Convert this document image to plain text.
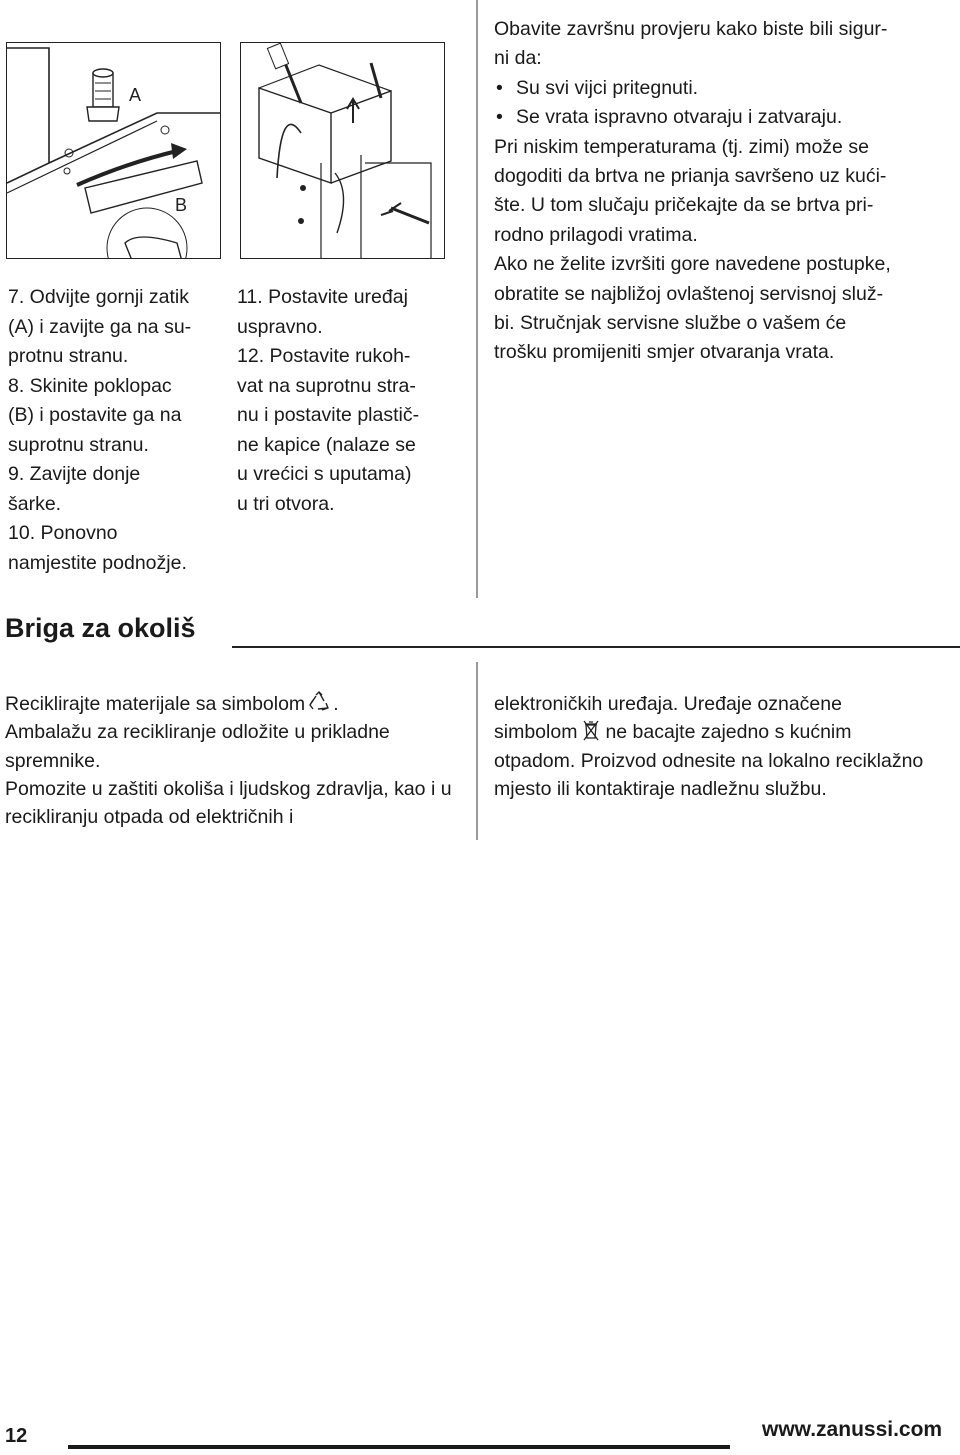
A
B
7. Odvijte gornji zatik
(A) i zavijte ga na su-
protnu stranu.
8. Skinite poklopac
(B) i postavite ga na
suprotnu stranu.
9. Zavijte donje
šarke.
10. Ponovno
namjestite podnožje.
11. Postavite uređaj
uspravno.
12. Postavite rukoh-
vat na suprotnu stra-
nu i postavite plastič-
ne kapice (nalaze se
u vrećici s uputama)
u tri otvora.

Obavite završnu provjeru kako biste bili sigur-
ni da:

• Su svi vijci pritegnuti.
• Se vrata ispravno otvaraju i zatvaraju.

Pri niskim temperaturama (tj. zimi) može se
dogoditi da brtva ne prianja savršeno uz kući-
šte. U tom slučaju pričekajte da se brtva pri-
rodno prilagodi vratima.

Ako ne želite izvršiti gore navedene postupke,
obratite se najbližoj ovlaštenoj servisnoj služ-
bi. Stručnjak servisne službe o vašem će
trošku promijeniti smjer otvaranja vrata.

Briga za okoliš

Reciklirajte materijale sa simbolom .

Ambalažu za recikliranje odložite u prikladne spremnike.

Pomozite u zaštiti okoliša i ljudskog zdravlja, kao i u recikliranju otpada od električnih i

elektroničkih uređaja. Uređaje označene

simbolom ne bacajte zajedno s kućnim

otpadom. Proizvod odnesite na lokalno reciklažno mjesto ili kontaktiraje nadležnu službu.

12	www.zanussi.com
